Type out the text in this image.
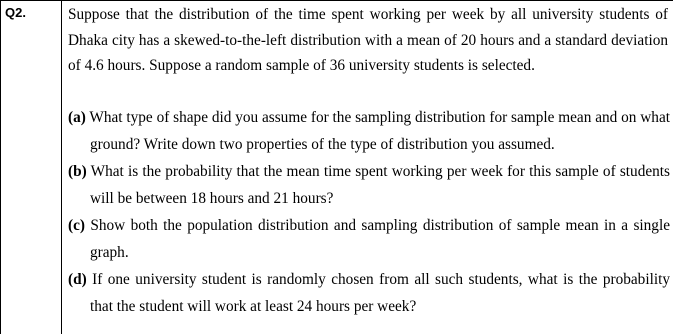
Q2.	Suppose that the distribution of the time spent working per week by all university students of Dhaka city has a skewed-to-the-left distribution with a mean of 20 hours and a standard deviation of 4.6 hours. Suppose a random sample of 36 university students is selected.

(a) What type of shape did you assume for the sampling distribution for sample mean and on what ground? Write down two properties of the type of distribution you assumed.

(b) What is the probability that the mean time spent working per week for this sample of students will be between 18 hours and 21 hours?

(c) Show both the population distribution and sampling distribution of sample mean in a single graph.

(d) If one university student is randomly chosen from all such students, what is the probability that the student will work at least 24 hours per week?
